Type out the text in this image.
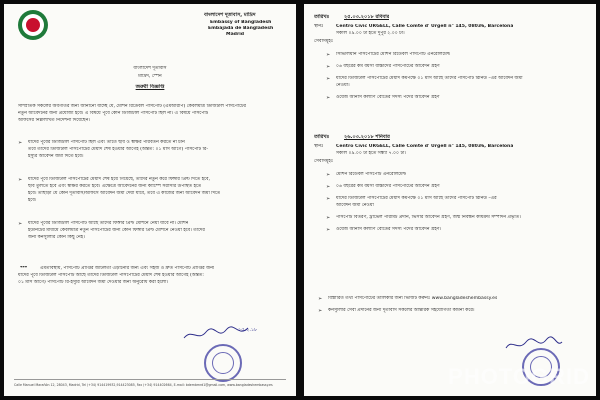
বাংলাদেশ দূতাবাস, মাদ্রিদ
Embassy of Bangladesh
Embajada de Bangladesh
Madrid
বাংলাদেশ দূতাবাস
মাদ্রিদ, স্পেন
জরুরী বিজ্ঞপ্তি
সাম্প্রতিক সকলের অবগতির জন্য জানানো যাচ্ছে যে, মেশিন রিডেবল পাসপোর্ট (এমআরপি) কেবলমাত্র ডিজিটাল পাসপোর্টের
নতুন আবেদনের জন্য প্রযোজ্য হবে। এ বিষয়ে পূর্বে কোন ডিজিটাল পাসপোর্ট ছিল না। এ বিষয়ে পাসপোর্ট
অফিসের নিম্নলিখিত নির্দেশনা দিয়েছেন।
➢ যাদের পূর্বের ডিজিটাল পাসপোর্ট ছিল এবং তাতে ছবি ও স্বাক্ষর পরিবর্তন করতে না চান
তবে তাদের ডিজিটাল পাসপোর্টের মেয়াদ শেষ হওয়ার আগেই (অন্তত: ০১ মাস আগে) পাসপোর্ট রি-
ইস্যুর আবেদন জমা দিতে হবে।
➢ যাদের পূর্বে ডিজিটাল পাসপোর্টের মেয়াদ শেষ হয়ে গিয়েছে, তাদের নতুন করে ফিঙ্গার প্রিন্ট দিতে হবে,
ছবি তুলতে হবে এবং স্বাক্ষর করতে হবে। এক্ষেত্রে আবেদনের জন্য ক্যাম্পে সরাসরি উপস্থিত হতে
হবে। তাছাড়া যে কোন দূতাবাস/অফিসে আবেদন জমা দেয়া যাবে, তবে এ কাজের জন্য আবেদন জমা দিতে
হবে।
➢ যাদের পূর্বের ডিজিটাল পাসপোর্ট আছে তাদের ফিঙ্গার প্রিন্ট মেশিনে নেয়া যাবে না। মেশিন
ইউনিটের মাধ্যমে কেবলমাত্র নতুন পাসপোর্টের জন্য কোন ফিঙ্গার প্রিন্ট মেশিনে নেওয়া হবে। তাদের
জন্য কনস্যুলার কোন কিছু নেই।
***	এমতাবস্থায়, পাসপোর্ট প্রাপ্তির জটিলতা এড়ানোর জন্য এবং সহজ ও দ্রুত পাসপোর্ট প্রাপ্তির জন্য
যাদের পূর্বে ডিজিটাল পাসপোর্ট আছে তাদের ডিজিটাল পাসপোর্টের মেয়াদ শেষ হওয়ার আগেই (অন্তত:
০১ মাস আগে) পাসপোর্ট রি-ইস্যুর আবেদন জমা দেওয়ার জন্য অনুরোধ করা হলো।
২৫.২.১৮
Calle Manuel Marañón 12, 28043, Madrid, Tel (+34) 914419932,914423085, Fax (+34) 914402664, E-mail: bdembmrd1@gmail.com, www.bangladeshembassy.es
তারিখঃ	২৫.০৩.২০১৮ রবিবার
স্থানঃ	Centro Civic URGELL, Calle Comte d' Urgell n° 145, 08036, Barcelona
সকাল ০৯.০০ টা হতে দুপুর ২.০০ টা।
সেবাসমূহঃ
➢ সিভিলিয়ান পাসপোর্টের মেশিন রিডেবল পাসপোর্ট এনরোলমেন্ট
➢ ০৬ বছরের কম বয়সী বাচ্চাদের পাসপোর্টের আবেদন গ্রহণ
➢ যাদের ডিজিটাল পাসপোর্টের মেয়াদ কমপক্ষে ০১ মাস আছে তাদের পাসপোর্ট রিনিউ –এর আবেদন জমা
নেওয়া।
➢ ওয়েজ আর্নার্স কল্যাণ বোর্ডের সদস্য পদের আবেদন গ্রহণ
তারিখঃ	২৬.০৩.২০১৮ শনিবার
স্থানঃ	Centro Civic URGELL, Calle Comte d' Urgell n° 145, 08036, Barcelona
সকাল ০৯.০০ টা হতে সন্ধ্যা ৭.০০ টা।
সেবাসমূহঃ
➢ মেশিন রিডেবল পাসপোর্ট এনরোলমেন্ট
➢ ০৬ বছরের কম বয়সী বাচ্চাদের পাসপোর্টের আবেদন গ্রহণ
➢ যাদের ডিজিটাল পাসপোর্টের মেয়াদ কমপক্ষে ০১ মাস আছে তাদের পাসপোর্ট রিনিউ –এর
আবেদন জমা নেওয়া
➢ পাসপোর্ট বিতরণ, ট্রাভেল পারমিট প্রদান, ভিসার আবেদন গ্রহণ, জন্ম নিবন্ধন কার্যক্রম সম্পাদন প্রভৃতি।
➢ ওয়েজ আর্নার্স কল্যাণ বোর্ডের সদস্য পদের আবেদন গ্রহণ।
➢ বিস্তারিত তথ্য পাসপোর্টের তালিকার জন্য ভিজিট করুনঃ www.bangladeshembassy.es
➢ কনস্যুলার সেবা প্রদানের জন্য দূতাবাস সকলের আন্তরিক সহযোগিতা কামনা করে।
PHOTOGRID
